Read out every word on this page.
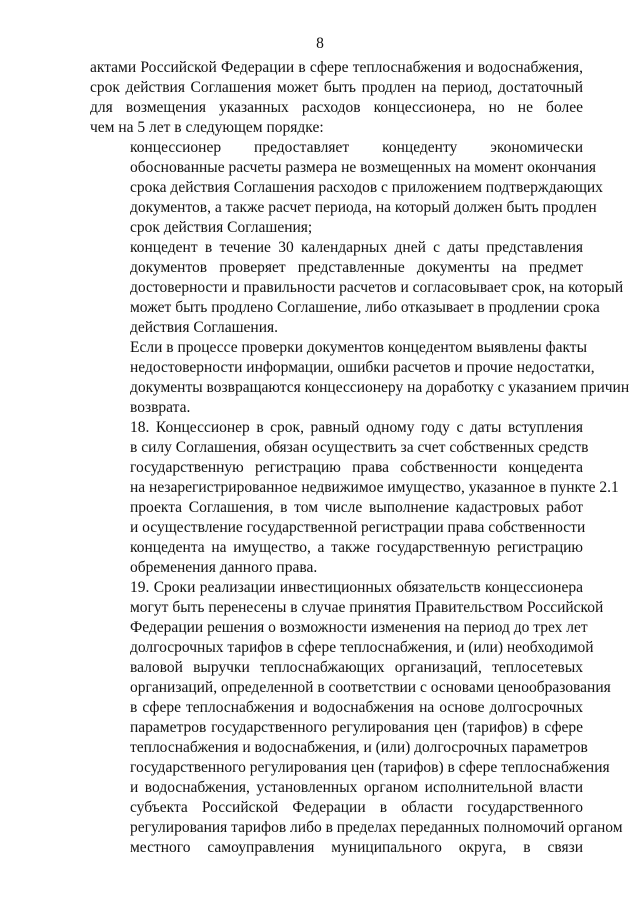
8

актами Российской Федерации в сфере теплоснабжения и водоснабжения,
срок действия Соглашения может быть продлен на период, достаточный
для возмещения указанных расходов концессионера, но не более
чем на 5 лет в следующем порядке:

концессионер предоставляет концеденту экономически
обоснованные расчеты размера не возмещенных на момент окончания
срока действия Соглашения расходов с приложением подтверждающих
документов, а также расчет периода, на который должен быть продлен
срок действия Соглашения;

концедент в течение 30 календарных дней с даты представления
документов проверяет представленные документы на предмет
достоверности и правильности расчетов и согласовывает срок, на который
может быть продлено Соглашение, либо отказывает в продлении срока
действия Соглашения.

Если в процессе проверки документов концедентом выявлены факты
недостоверности информации, ошибки расчетов и прочие недостатки,
документы возвращаются концессионеру на доработку с указанием причин
возврата.

18. Концессионер в срок, равный одному году с даты вступления
в силу Соглашения, обязан осуществить за счет собственных средств
государственную регистрацию права собственности концедента
на незарегистрированное недвижимое имущество, указанное в пункте 2.1
проекта Соглашения, в том числе выполнение кадастровых работ
и осуществление государственной регистрации права собственности
концедента на имущество, а также государственную регистрацию
обременения данного права.

19. Сроки реализации инвестиционных обязательств концессионера
могут быть перенесены в случае принятия Правительством Российской
Федерации решения о возможности изменения на период до трех лет
долгосрочных тарифов в сфере теплоснабжения, и (или) необходимой
валовой выручки теплоснабжающих организаций, теплосетевых
организаций, определенной в соответствии с основами ценообразования
в сфере теплоснабжения и водоснабжения на основе долгосрочных
параметров государственного регулирования цен (тарифов) в сфере
теплоснабжения и водоснабжения, и (или) долгосрочных параметров
государственного регулирования цен (тарифов) в сфере теплоснабжения
и водоснабжения, установленных органом исполнительной власти
субъекта Российской Федерации в области государственного
регулирования тарифов либо в пределах переданных полномочий органом
местного самоуправления муниципального округа, в связи
